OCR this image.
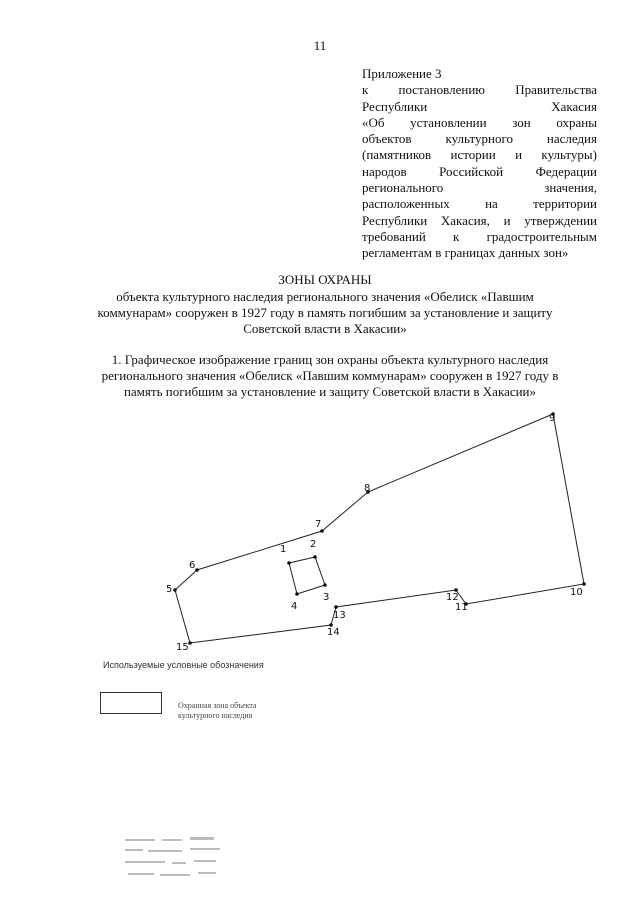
11
Приложение 3
к постановлению Правительства
Республики Хакасия
«Об установлении зон охраны
объектов культурного наследия
(памятников истории и культуры)
народов Российской Федерации
регионального значения,
расположенных на территории
Республики Хакасия, и утверждении
требований к градостроительным
регламентам в границах данных зон»
ЗОНЫ ОХРАНЫ
объекта культурного наследия регионального значения «Обелиск «Павшим
коммунарам» сооружен в 1927 году в память погибшим за установление и защиту
Советской власти в Хакасии»
1. Графическое изображение границ зон охраны объекта культурного наследия
регионального значения «Обелиск «Павшим коммунарам» сооружен в 1927 году в
память погибшим за установление и защиту Советской власти в Хакасии»
1 2
3
4
5
6
7
8
9
10
11
12
13
14
15
Используемые условные обозначения
Охранная зона объекта культурного наследия
